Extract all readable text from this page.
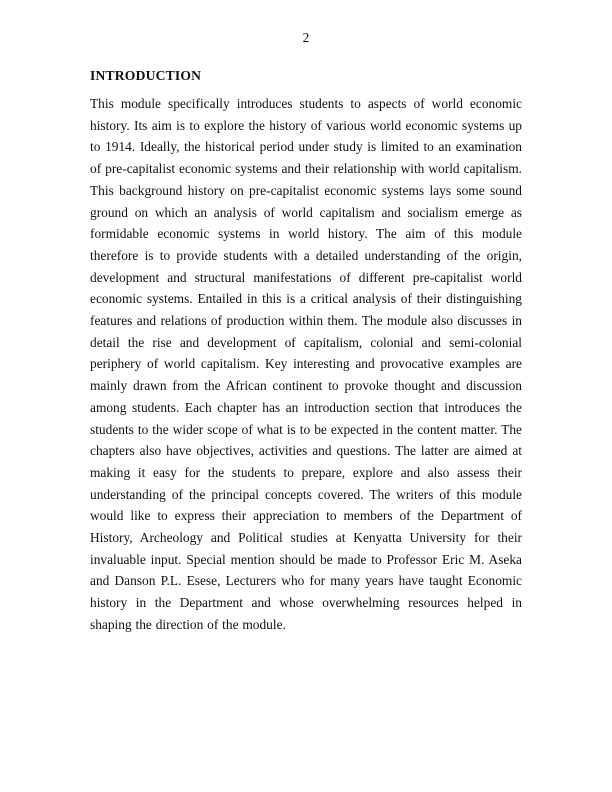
2
INTRODUCTION

This module specifically introduces students to aspects of world economic history. Its aim is to explore the history of various world economic systems up to 1914. Ideally, the historical period under study is limited to an examination of pre-capitalist economic systems and their relationship with world capitalism. This background history on pre-capitalist economic systems lays some sound ground on which an analysis of world capitalism and socialism emerge as formidable economic systems in world history. The aim of this module therefore is to provide students with a detailed understanding of the origin, development and structural manifestations of different pre-capitalist world economic systems. Entailed in this is a critical analysis of their distinguishing features and relations of production within them. The module also discusses in detail the rise and development of capitalism, colonial and semi-colonial periphery of world capitalism. Key interesting and provocative examples are mainly drawn from the African continent to provoke thought and discussion among students. Each chapter has an introduction section that introduces the students to the wider scope of what is to be expected in the content matter. The chapters also have objectives, activities and questions. The latter are aimed at making it easy for the students to prepare, explore and also assess their understanding of the principal concepts covered. The writers of this module would like to express their appreciation to members of the Department of History, Archeology and Political studies at Kenyatta University for their invaluable input. Special mention should be made to Professor Eric M. Aseka and Danson P.L. Esese, Lecturers who for many years have taught Economic history in the Department and whose overwhelming resources helped in shaping the direction of the module.
